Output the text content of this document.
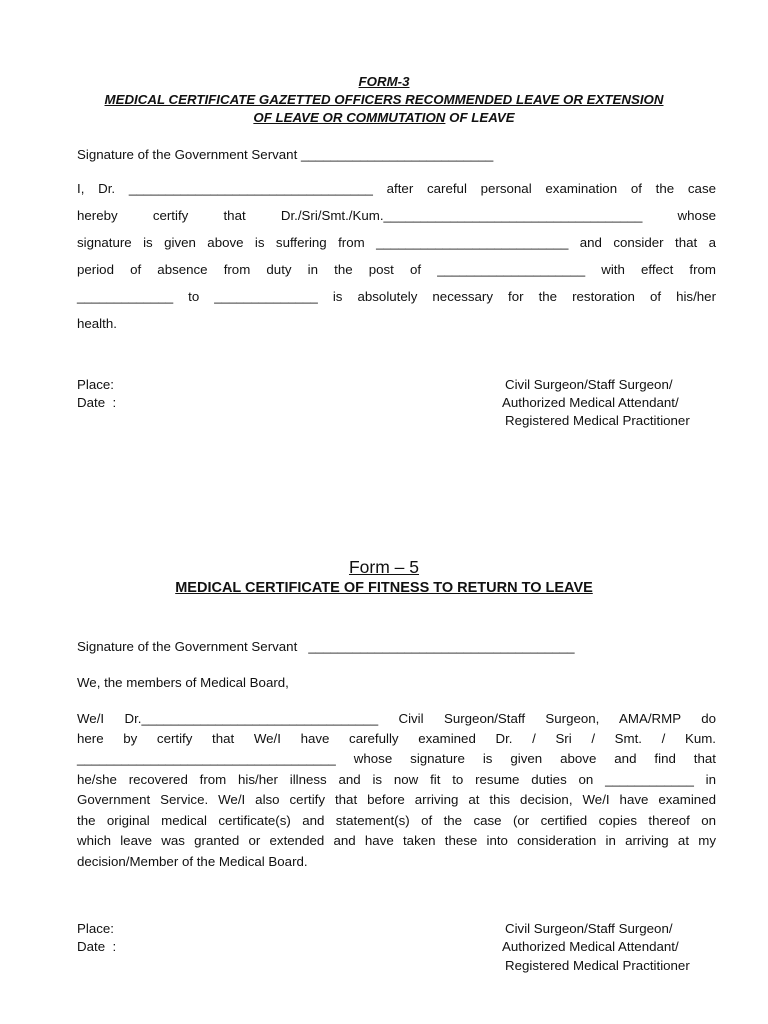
FORM-3
MEDICAL CERTIFICATE GAZETTED OFFICERS RECOMMENDED LEAVE OR EXTENSION
OF LEAVE OR COMMUTATION OF LEAVE
Signature of the Government Servant __________________________
I, Dr. _________________________________ after careful personal examination of the case
hereby certify that Dr./Sri/Smt./Kum.___________________________________ whose
signature is given above is suffering from __________________________ and consider that a
period of absence from duty in the post of ____________________ with effect from
_____________ to ______________ is absolutely necessary for the restoration of his/her
health.
Place:
Date  :
Civil Surgeon/Staff Surgeon/
Authorized Medical Attendant/
Registered Medical Practitioner
Form – 5
MEDICAL CERTIFICATE OF FITNESS TO RETURN TO LEAVE
Signature of the Government Servant   ____________________________________
We, the members of Medical Board,
We/I Dr.________________________________ Civil Surgeon/Staff Surgeon, AMA/RMP do
here by certify that We/I have carefully examined Dr. / Sri / Smt. / Kum.
___________________________________ whose signature is given above and find that
he/she recovered from his/her illness and is now fit to resume duties on ____________ in
Government Service. We/I also certify that before arriving at this decision, We/I have examined
the original medical certificate(s) and statement(s) of the case (or certified copies thereof on
which leave was granted or extended and have taken these into consideration in arriving at my
decision/Member of the Medical Board.
Place:
Date  :
Civil Surgeon/Staff Surgeon/
Authorized Medical Attendant/
Registered Medical Practitioner
